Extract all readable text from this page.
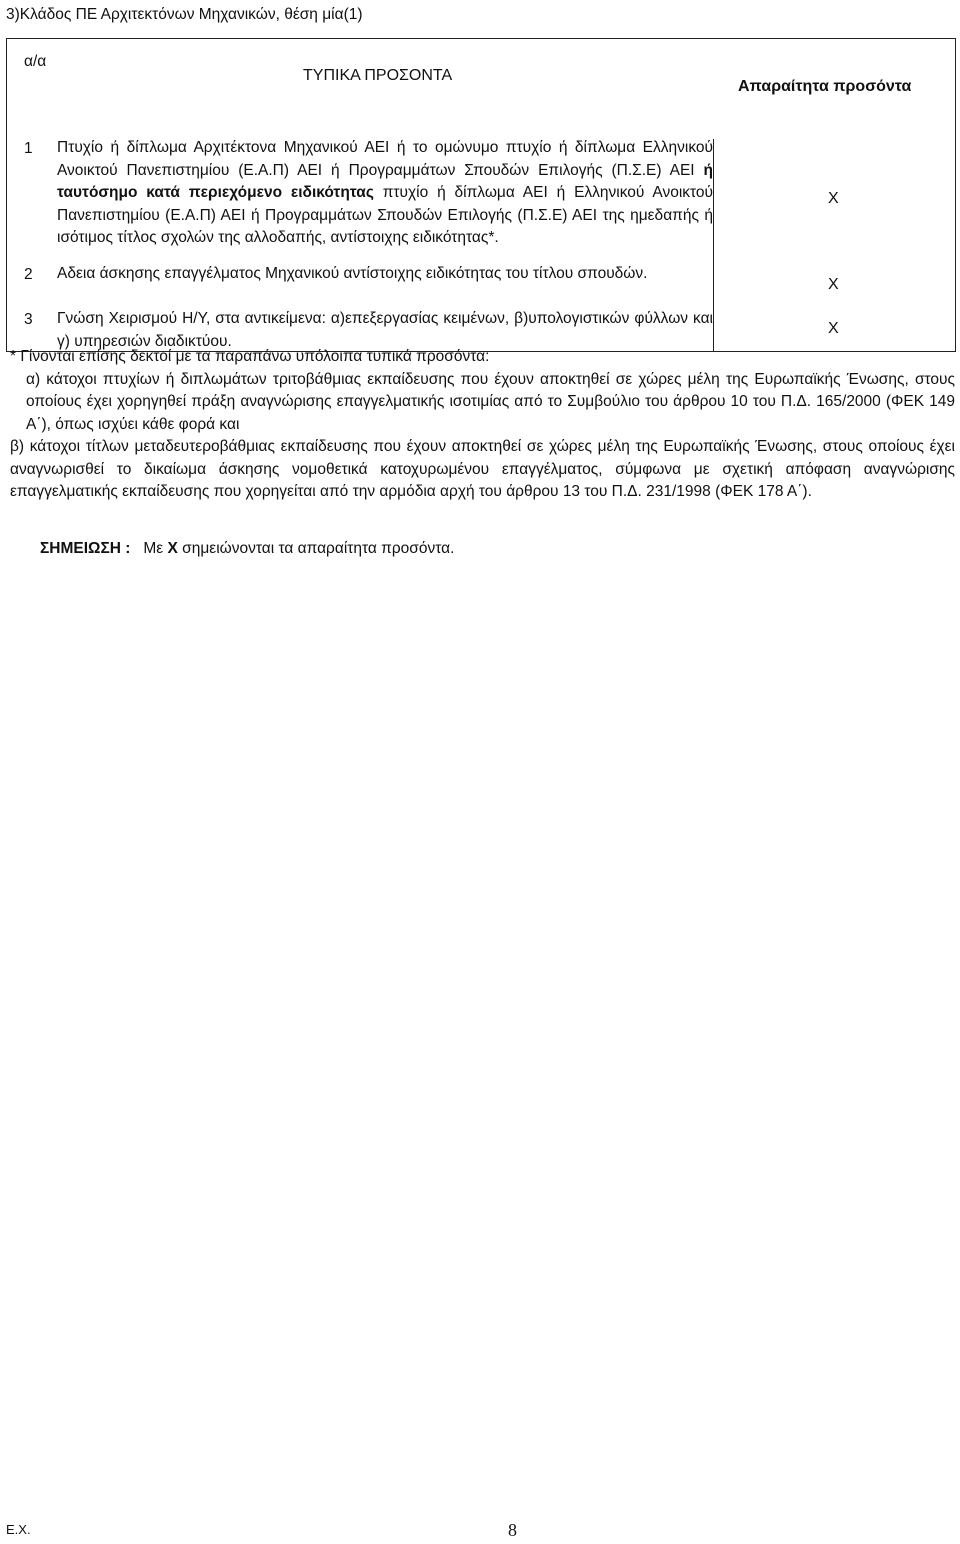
3)Κλάδος ΠΕ Αρχιτεκτόνων Μηχανικών, θέση μία(1)
α/α
ΤΥΠΙΚΑ ΠΡΟΣΟΝΤΑ
Απαραίτητα προσόντα
1 Πτυχίο ή δίπλωμα Αρχιτέκτονα Μηχανικού ΑΕΙ ή το ομώνυμο πτυχίο ή δίπλωμα Ελληνικού Ανοικτού Πανεπιστημίου (Ε.Α.Π) ΑΕΙ ή Προγραμμάτων Σπουδών Επιλογής (Π.Σ.Ε) ΑΕΙ ή ταυτόσημο κατά περιεχόμενο ειδικότητας πτυχίο ή δίπλωμα ΑΕΙ ή Ελληνικού Ανοικτού Πανεπιστημίου (Ε.Α.Π) ΑΕΙ ή Προγραμμάτων Σπουδών Επιλογής (Π.Σ.Ε) ΑΕΙ της ημεδαπής ή ισότιμος τίτλος σχολών της αλλοδαπής, αντίστοιχης ειδικότητας*.
X
2 Αδεια άσκησης επαγγέλματος Μηχανικού αντίστοιχης ειδικότητας του τίτλου σπουδών.
X
3 Γνώση Χειρισμού Η/Υ, στα αντικείμενα: α)επεξεργασίας κειμένων, β)υπολογιστικών φύλλων και γ) υπηρεσιών διαδικτύου.
X

* Γίνονται επίσης δεκτοί με τα παραπάνω υπόλοιπα τυπικά προσόντα:

α) κάτοχοι πτυχίων ή διπλωμάτων τριτοβάθμιας εκπαίδευσης που έχουν αποκτηθεί σε χώρες μέλη της Ευρωπαϊκής Ένωσης, στους οποίους έχει χορηγηθεί πράξη αναγνώρισης επαγγελματικής ισοτιμίας από το Συμβούλιο του άρθρου 10 του Π.Δ. 165/2000 (ΦΕΚ 149 Α΄), όπως ισχύει κάθε φορά και

β) κάτοχοι τίτλων μεταδευτεροβάθμιας εκπαίδευσης που έχουν αποκτηθεί σε χώρες μέλη της Ευρωπαϊκής Ένωσης, στους οποίους έχει αναγνωρισθεί το δικαίωμα άσκησης νομοθετικά κατοχυρωμένου επαγγέλματος, σύμφωνα με σχετική απόφαση αναγνώρισης επαγγελματικής εκπαίδευσης που χορηγείται από την αρμόδια αρχή του άρθρου 13 του Π.Δ. 231/1998 (ΦΕΚ 178 Α΄).

ΣΗΜΕΙΩΣΗ : Με Χ σημειώνονται τα απαραίτητα προσόντα.
Ε.Χ.	8
